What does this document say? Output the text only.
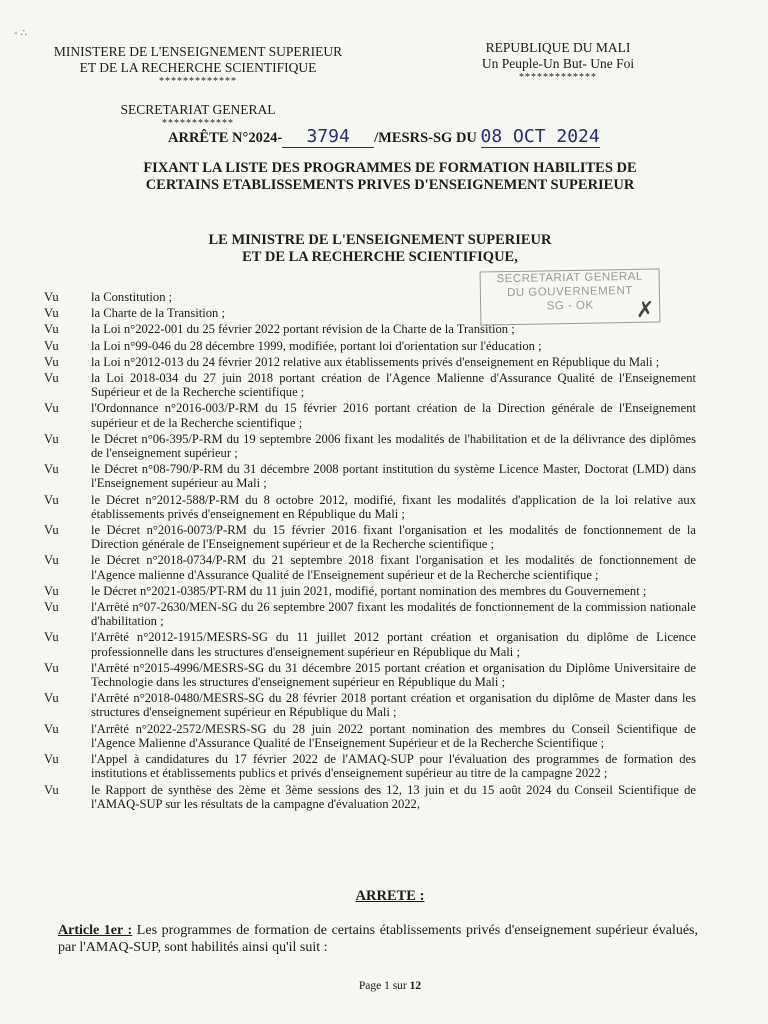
- ∴
MINISTERE DE L'ENSEIGNEMENT SUPERIEUR
ET DE LA RECHERCHE SCIENTIFIQUE
*************
SECRETARIAT GENERAL
************
REPUBLIQUE DU MALI
Un Peuple-Un But- Une Foi
*************
ARRÊTE N°2024- 3794 /MESRS-SG DU 08 OCT 2024
FIXANT LA LISTE DES PROGRAMMES DE FORMATION HABILITES DE
CERTAINS ETABLISSEMENTS PRIVES D'ENSEIGNEMENT SUPERIEUR
LE MINISTRE DE L'ENSEIGNEMENT SUPERIEUR
ET DE LA RECHERCHE SCIENTIFIQUE,
SECRETARIAT GENERAL
DU GOUVERNEMENT
SG - OK	✗
Vu	la Constitution ;
Vu	la Charte de la Transition ;
Vu	la Loi n°2022-001 du 25 février 2022 portant révision de la Charte de la Transition ;
Vu	la Loi n°99-046 du 28 décembre 1999, modifiée, portant loi d'orientation sur l'éducation ;
Vu	la Loi n°2012-013 du 24 février 2012 relative aux établissements privés d'enseignement en République du Mali ;
Vu	la Loi 2018-034 du 27 juin 2018 portant création de l'Agence Malienne d'Assurance Qualité de l'Enseignement Supérieur et de la Recherche scientifique ;
Vu	l'Ordonnance n°2016-003/P-RM du 15 février 2016 portant création de la Direction générale de l'Enseignement supérieur et de la Recherche scientifique ;
Vu	le Décret n°06-395/P-RM du 19 septembre 2006 fixant les modalités de l'habilitation et de la délivrance des diplômes de l'enseignement supérieur ;
Vu	le Décret n°08-790/P-RM du 31 décembre 2008 portant institution du système Licence Master, Doctorat (LMD) dans l'Enseignement supérieur au Mali ;
Vu	le Décret n°2012-588/P-RM du 8 octobre 2012, modifié, fixant les modalités d'application de la loi relative aux établissements privés d'enseignement en République du Mali ;
Vu	le Décret n°2016-0073/P-RM du 15 février 2016 fixant l'organisation et les modalités de fonctionnement de la Direction générale de l'Enseignement supérieur et de la Recherche scientifique ;
Vu	le Décret n°2018-0734/P-RM du 21 septembre 2018 fixant l'organisation et les modalités de fonctionnement de l'Agence malienne d'Assurance Qualité de l'Enseignement supérieur et de la Recherche scientifique ;
Vu	le Décret n°2021-0385/PT-RM du 11 juin 2021, modifié, portant nomination des membres du Gouvernement ;
Vu	l'Arrêté n°07-2630/MEN-SG du 26 septembre 2007 fixant les modalités de fonctionnement de la commission nationale d'habilitation ;
Vu	l'Arrêté n°2012-1915/MESRS-SG du 11 juillet 2012 portant création et organisation du diplôme de Licence professionnelle dans les structures d'enseignement supérieur en République du Mali ;
Vu	l'Arrêté n°2015-4996/MESRS-SG du 31 décembre 2015 portant création et organisation du Diplôme Universitaire de Technologie dans les structures d'enseignement supérieur en République du Mali ;
Vu	l'Arrêté n°2018-0480/MESRS-SG du 28 février 2018 portant création et organisation du diplôme de Master dans les structures d'enseignement supérieur en République du Mali ;
Vu	l'Arrêté n°2022-2572/MESRS-SG du 28 juin 2022 portant nomination des membres du Conseil Scientifique de l'Agence Malienne d'Assurance Qualité de l'Enseignement Supérieur et de la Recherche Scientifique ;
Vu	l'Appel à candidatures du 17 février 2022 de l'AMAQ-SUP pour l'évaluation des programmes de formation des institutions et établissements publics et privés d'enseignement supérieur au titre de la campagne 2022 ;
Vu	le Rapport de synthèse des 2ème et 3ème sessions des 12, 13 juin et du 15 août 2024 du Conseil Scientifique de l'AMAQ-SUP sur les résultats de la campagne d'évaluation 2022,
ARRETE :
Article 1er : Les programmes de formation de certains établissements privés d'enseignement supérieur évalués, par l'AMAQ-SUP, sont habilités ainsi qu'il suit :
Page 1 sur 12
